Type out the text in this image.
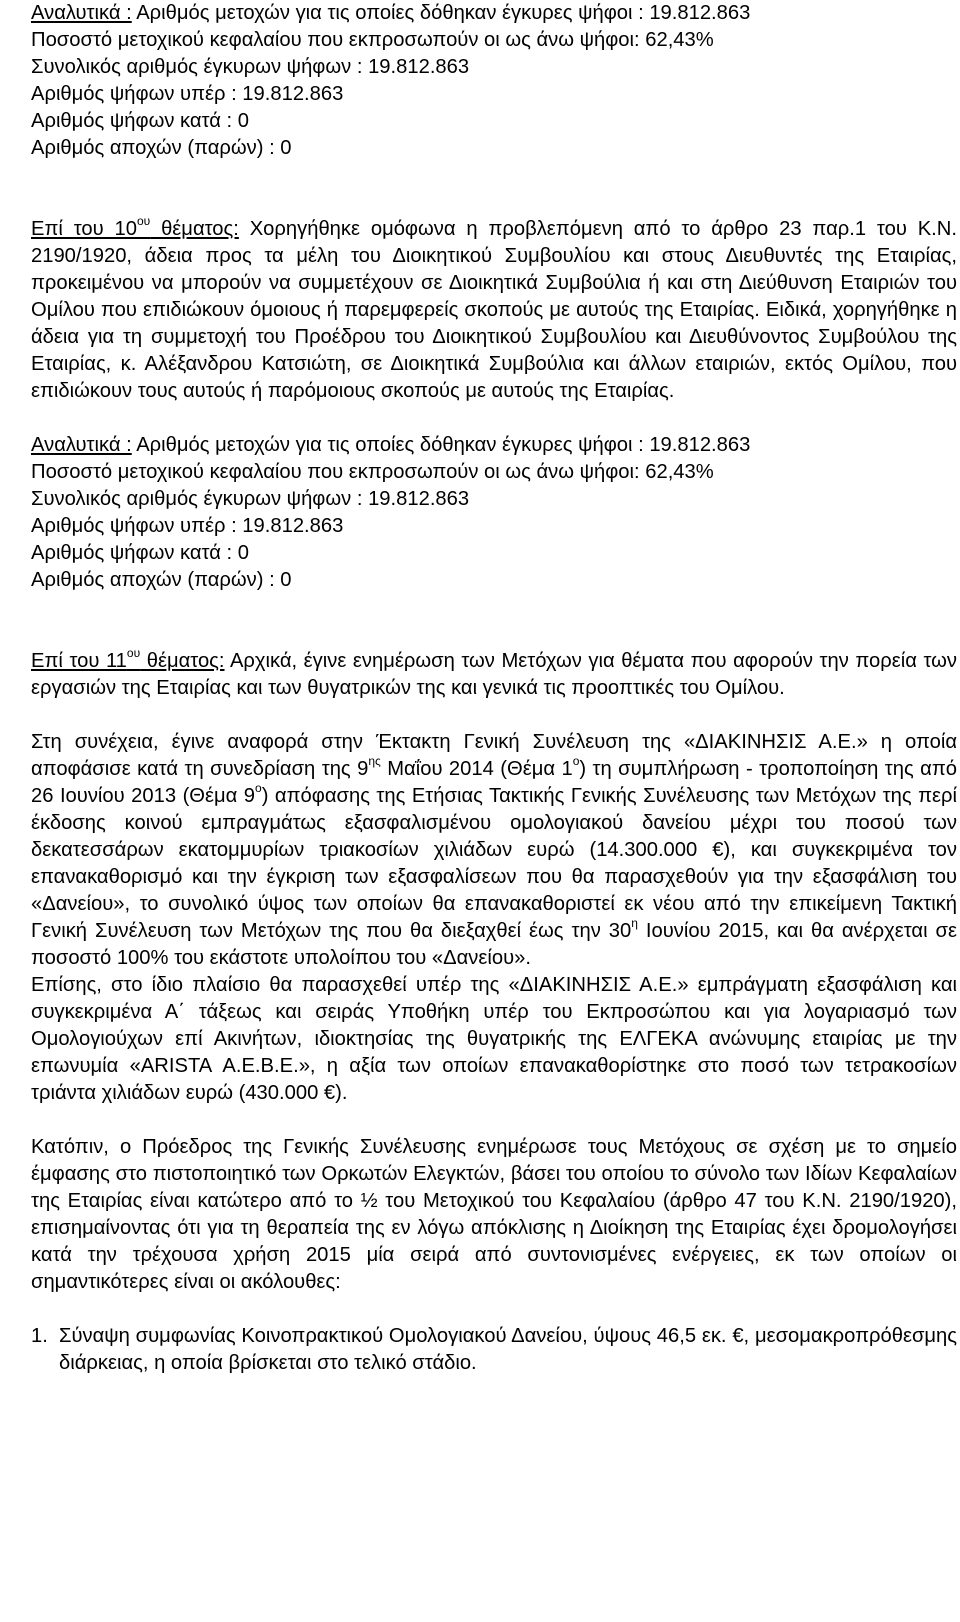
Αναλυτικά : Αριθμός μετοχών για τις οποίες δόθηκαν έγκυρες ψήφοι : 19.812.863
Ποσοστό μετοχικού κεφαλαίου που εκπροσωπούν οι ως άνω ψήφοι: 62,43%
Συνολικός αριθμός έγκυρων ψήφων : 19.812.863
Αριθμός ψήφων υπέρ : 19.812.863
Αριθμός ψήφων κατά : 0
Αριθμός αποχών (παρών) : 0

Επί του $10^{o\upsilon}$ θέματος: Χορηγήθηκε ομόφωνα η προβλεπόμενη από το άρθρο 23 παρ.1 του Κ.Ν. 2190/1920, άδεια προς τα μέλη του Διοικητικού Συμβουλίου και στους Διευθυντές της Εταιρίας, προκειμένου να μπορούν να συμμετέχουν σε Διοικητικά Συμβούλια ή και στη Διεύθυνση Εταιριών του Ομίλου που επιδιώκουν όμοιους ή παρεμφερείς σκοπούς με αυτούς της Εταιρίας. Ειδικά, χορηγήθηκε η άδεια για τη συμμετοχή του Προέδρου του Διοικητικού Συμβουλίου και Διευθύνοντος Συμβούλου της Εταιρίας, κ. Αλέξανδρου Κατσιώτη, σε Διοικητικά Συμβούλια και άλλων εταιριών, εκτός Ομίλου, που επιδιώκουν τους αυτούς ή παρόμοιους σκοπούς με αυτούς της Εταιρίας.

Αναλυτικά : Αριθμός μετοχών για τις οποίες δόθηκαν έγκυρες ψήφοι : 19.812.863
Ποσοστό μετοχικού κεφαλαίου που εκπροσωπούν οι ως άνω ψήφοι: 62,43%
Συνολικός αριθμός έγκυρων ψήφων : 19.812.863
Αριθμός ψήφων υπέρ : 19.812.863
Αριθμός ψήφων κατά : 0
Αριθμός αποχών (παρών) : 0

Επί του $11^{o\upsilon}$ θέματος: Αρχικά, έγινε ενημέρωση των Μετόχων για θέματα που αφορούν την πορεία των εργασιών της Εταιρίας και των θυγατρικών της και γενικά τις προοπτικές του Ομίλου.

Στη συνέχεια, έγινε αναφορά στην Έκτακτη Γενική Συνέλευση της «ΔΙΑΚΙΝΗΣΙΣ Α.Ε.» η οποία αποφάσισε κατά τη συνεδρίαση της $9^{\eta\varsigma}$ Μαΐου 2014 (Θέμα $1^o$) τη συμπλήρωση - τροποποίηση της από 26 Ιουνίου 2013 (Θέμα $9^o$) απόφασης της Ετήσιας Τακτικής Γενικής Συνέλευσης των Μετόχων της περί έκδοσης κοινού εμπραγμάτως εξασφαλισμένου ομολογιακού δανείου μέχρι του ποσού των δεκατεσσάρων εκατομμυρίων τριακοσίων χιλιάδων ευρώ (14.300.000 €), και συγκεκριμένα τον επανακαθορισμό και την έγκριση των εξασφαλίσεων που θα παρασχεθούν για την εξασφάλιση του «Δανείου», το συνολικό ύψος των οποίων θα επανακαθοριστεί εκ νέου από την επικείμενη Τακτική Γενική Συνέλευση των Μετόχων της που θα διεξαχθεί έως την $30^\eta$ Ιουνίου 2015, και θα ανέρχεται σε ποσοστό 100% του εκάστοτε υπολοίπου του «Δανείου».

Επίσης, στο ίδιο πλαίσιο θα παρασχεθεί υπέρ της «ΔΙΑΚΙΝΗΣΙΣ Α.Ε.» εμπράγματη εξασφάλιση και συγκεκριμένα Α΄ τάξεως και σειράς Υποθήκη υπέρ του Εκπροσώπου και για λογαριασμό των Ομολογιούχων επί Ακινήτων, ιδιοκτησίας της θυγατρικής της ΕΛΓΕΚΑ ανώνυμης εταιρίας με την επωνυμία «ARISTA Α.Ε.Β.Ε.», η αξία των οποίων επανακαθορίστηκε στο ποσό των τετρακοσίων τριάντα χιλιάδων ευρώ (430.000 €).

Κατόπιν, ο Πρόεδρος της Γενικής Συνέλευσης ενημέρωσε τους Μετόχους σε σχέση με το σημείο έμφασης στο πιστοποιητικό των Ορκωτών Ελεγκτών, βάσει του οποίου το σύνολο των Ιδίων Κεφαλαίων της Εταιρίας είναι κατώτερο από το ½ του Μετοχικού του Κεφαλαίου (άρθρο 47 του Κ.Ν. 2190/1920), επισημαίνοντας ότι για τη θεραπεία της εν λόγω απόκλισης η Διοίκηση της Εταιρίας έχει δρομολογήσει κατά την τρέχουσα χρήση 2015 μία σειρά από συντονισμένες ενέργειες, εκ των οποίων οι σημαντικότερες είναι οι ακόλουθες:

1. Σύναψη συμφωνίας Κοινοπρακτικού Ομολογιακού Δανείου, ύψους 46,5 εκ. €, μεσομακροπρόθεσμης διάρκειας, η οποία βρίσκεται στο τελικό στάδιο.
